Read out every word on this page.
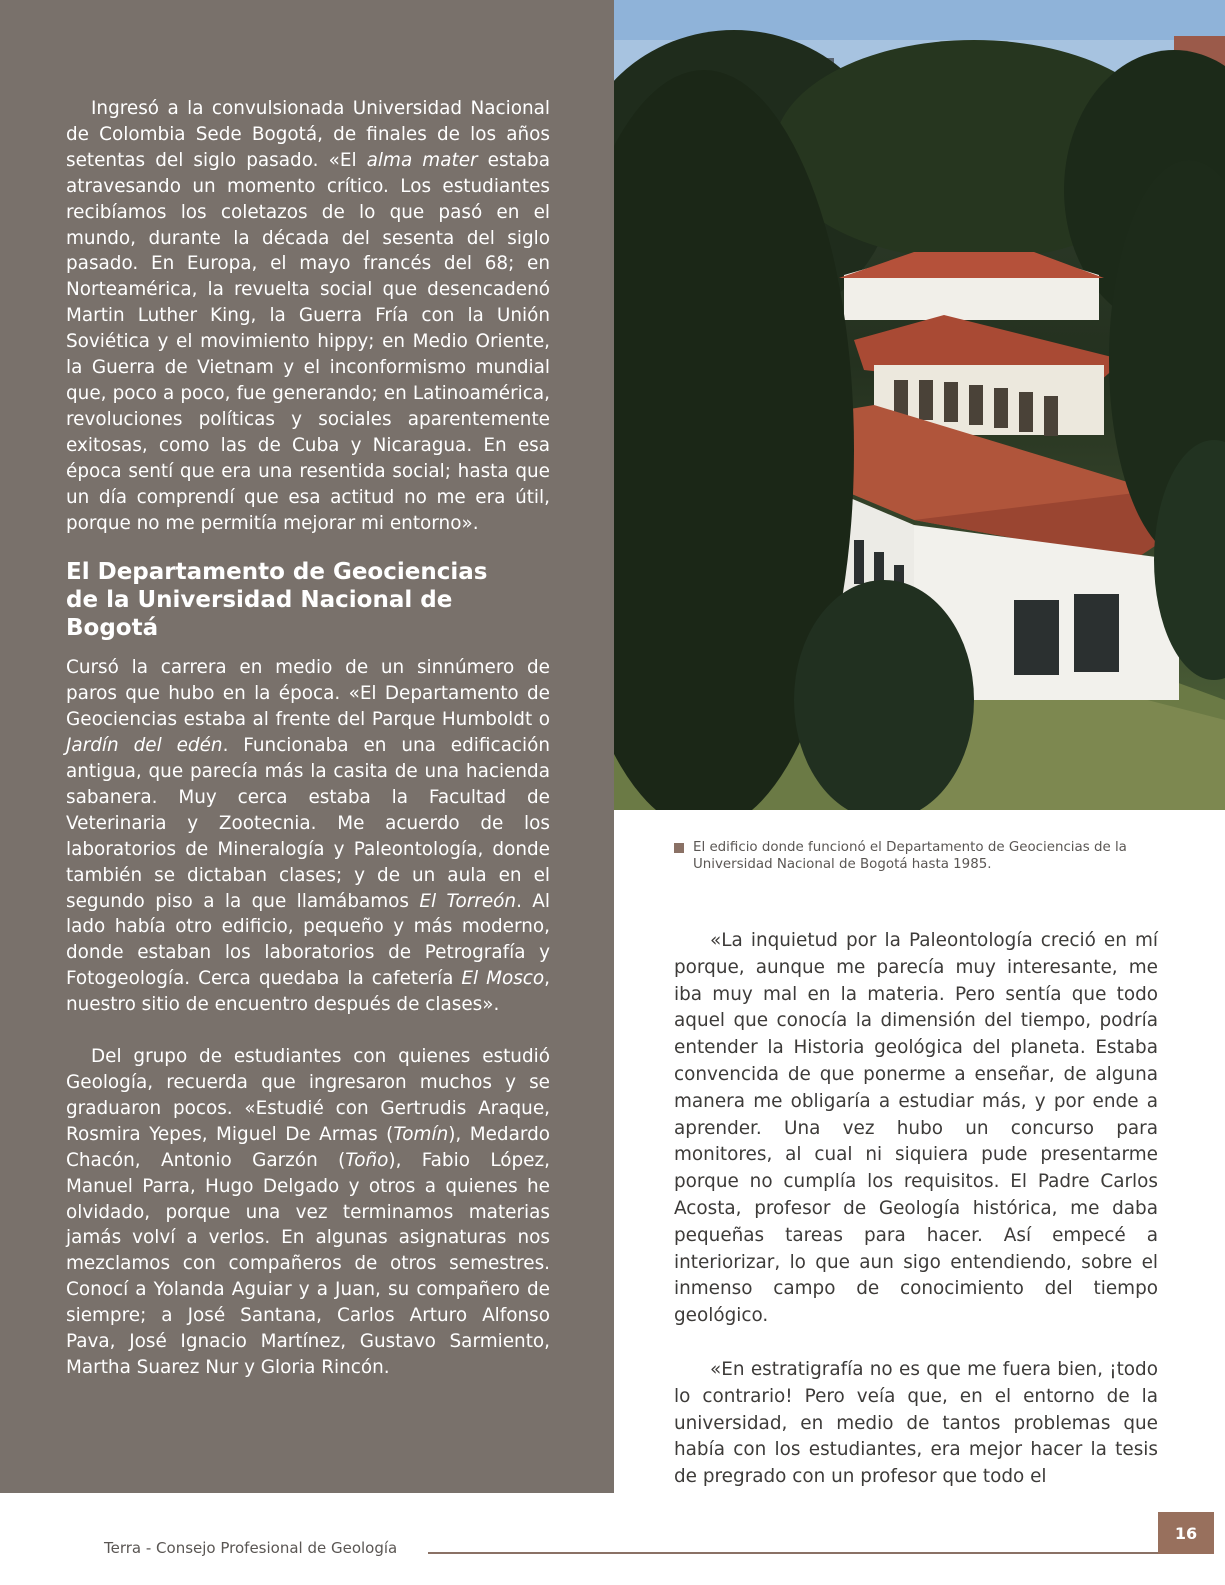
Ingresó a la convulsionada Universidad Nacional de Colombia Sede Bogotá, de finales de los años setentas del siglo pasado. «El alma mater estaba atravesando un momento crítico. Los estudiantes recibíamos los coletazos de lo que pasó en el mundo, durante la década del sesenta del siglo pasado. En Europa, el mayo francés del 68; en Norteamérica, la revuelta social que desencadenó Martin Luther King, la Guerra Fría con la Unión Soviética y el movimiento hippy; en Medio Oriente, la Guerra de Vietnam y el inconformismo mundial que, poco a poco, fue generando; en Latinoamérica, revoluciones políticas y sociales aparentemente exitosas, como las de Cuba y Nicaragua. En esa época sentí que era una resentida social; hasta que un día comprendí que esa actitud no me era útil, porque no me permitía mejorar mi entorno».

El Departamento de Geociencias
de la Universidad Nacional de Bogotá

Cursó la carrera en medio de un sinnúmero de paros que hubo en la época. «El Departamento de Geociencias estaba al frente del Parque Humboldt o Jardín del edén. Funcionaba en una edificación antigua, que parecía más la casita de una hacienda sabanera. Muy cerca estaba la Facultad de Veterinaria y Zootecnia. Me acuerdo de los laboratorios de Mineralogía y Paleontología, donde también se dictaban clases; y de un aula en el segundo piso a la que llamábamos El Torreón. Al lado había otro edificio, pequeño y más moderno, donde estaban los laboratorios de Petrografía y Fotogeología. Cerca quedaba la cafetería El Mosco, nuestro sitio de encuentro después de clases».

Del grupo de estudiantes con quienes estudió Geología, recuerda que ingresaron muchos y se graduaron pocos. «Estudié con Gertrudis Araque, Rosmira Yepes, Miguel De Armas (Tomín), Medardo Chacón, Antonio Garzón (Toño), Fabio López, Manuel Parra, Hugo Delgado y otros a quienes he olvidado, porque una vez terminamos materias jamás volví a verlos. En algunas asignaturas nos mezclamos con compañeros de otros semestres. Conocí a Yolanda Aguiar y a Juan, su compañero de siempre; a José Santana, Carlos Arturo Alfonso Pava, José Ignacio Martínez, Gustavo Sarmiento, Martha Suarez Nur y Gloria Rincón.

El edificio donde funcionó el Departamento de Geociencias de la Universidad Nacional de Bogotá hasta 1985.

«La inquietud por la Paleontología creció en mí porque, aunque me parecía muy interesante, me iba muy mal en la materia. Pero sentía que todo aquel que conocía la dimensión del tiempo, podría entender la Historia geológica del planeta. Estaba convencida de que ponerme a enseñar, de alguna manera me obligaría a estudiar más, y por ende a aprender. Una vez hubo un concurso para monitores, al cual ni siquiera pude presentarme porque no cumplía los requisitos. El Padre Carlos Acosta, profesor de Geología histórica, me daba pequeñas tareas para hacer. Así empecé a interiorizar, lo que aun sigo entendiendo, sobre el inmenso campo de conocimiento del tiempo geológico.

«En estratigrafía no es que me fuera bien, ¡todo lo contrario! Pero veía que, en el entorno de la universidad, en medio de tantos problemas que había con los estudiantes, era mejor hacer la tesis de pregrado con un profesor que todo el

Terra - Consejo Profesional de Geología
16
